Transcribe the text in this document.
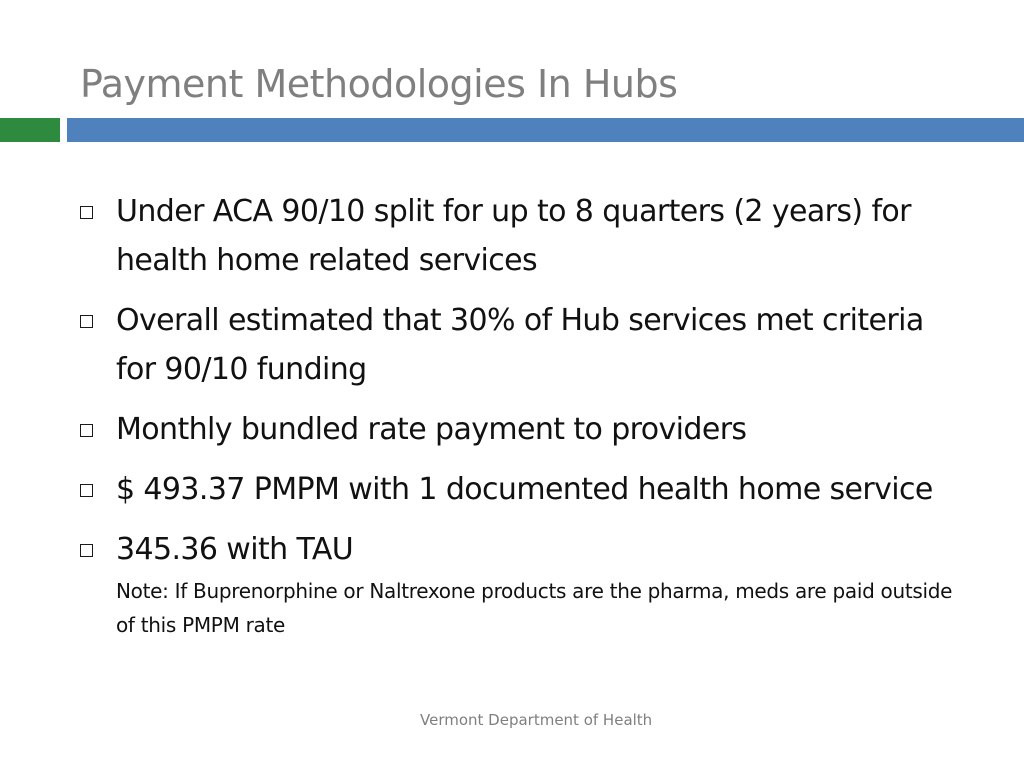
Payment Methodologies In Hubs
Under ACA 90/10 split for up to 8 quarters (2 years) for health home related services
Overall estimated that 30% of Hub services met criteria for 90/10 funding
Monthly bundled rate payment to providers
$ 493.37 PMPM with 1 documented health home service
345.36 with TAU
Note: If Buprenorphine or Naltrexone products are the pharma, meds are paid outside of this PMPM rate
Vermont Department of Health
